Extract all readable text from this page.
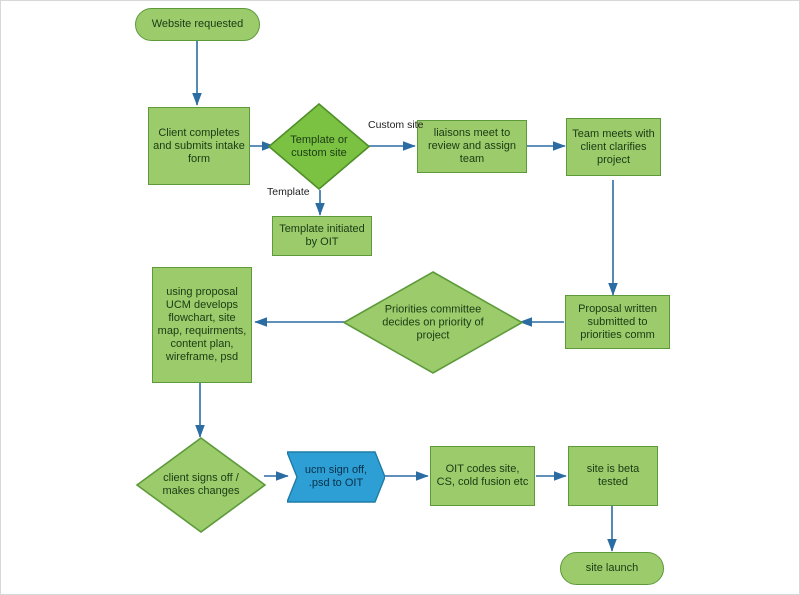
Website requested
Client completes and submits intake form
Template or custom site
liaisons meet to review and assign team
Team meets with client clarifies project
Template initiated by OIT
Proposal written submitted to priorities comm
Priorities committee decides on priority of project
using proposal UCM develops flowchart, site map, requirments, content plan, wireframe, psd
client signs off / makes changes
ucm sign off, .psd to OIT
OIT codes site, CS, cold fusion etc
site is beta tested
site launch
Custom site
Template
